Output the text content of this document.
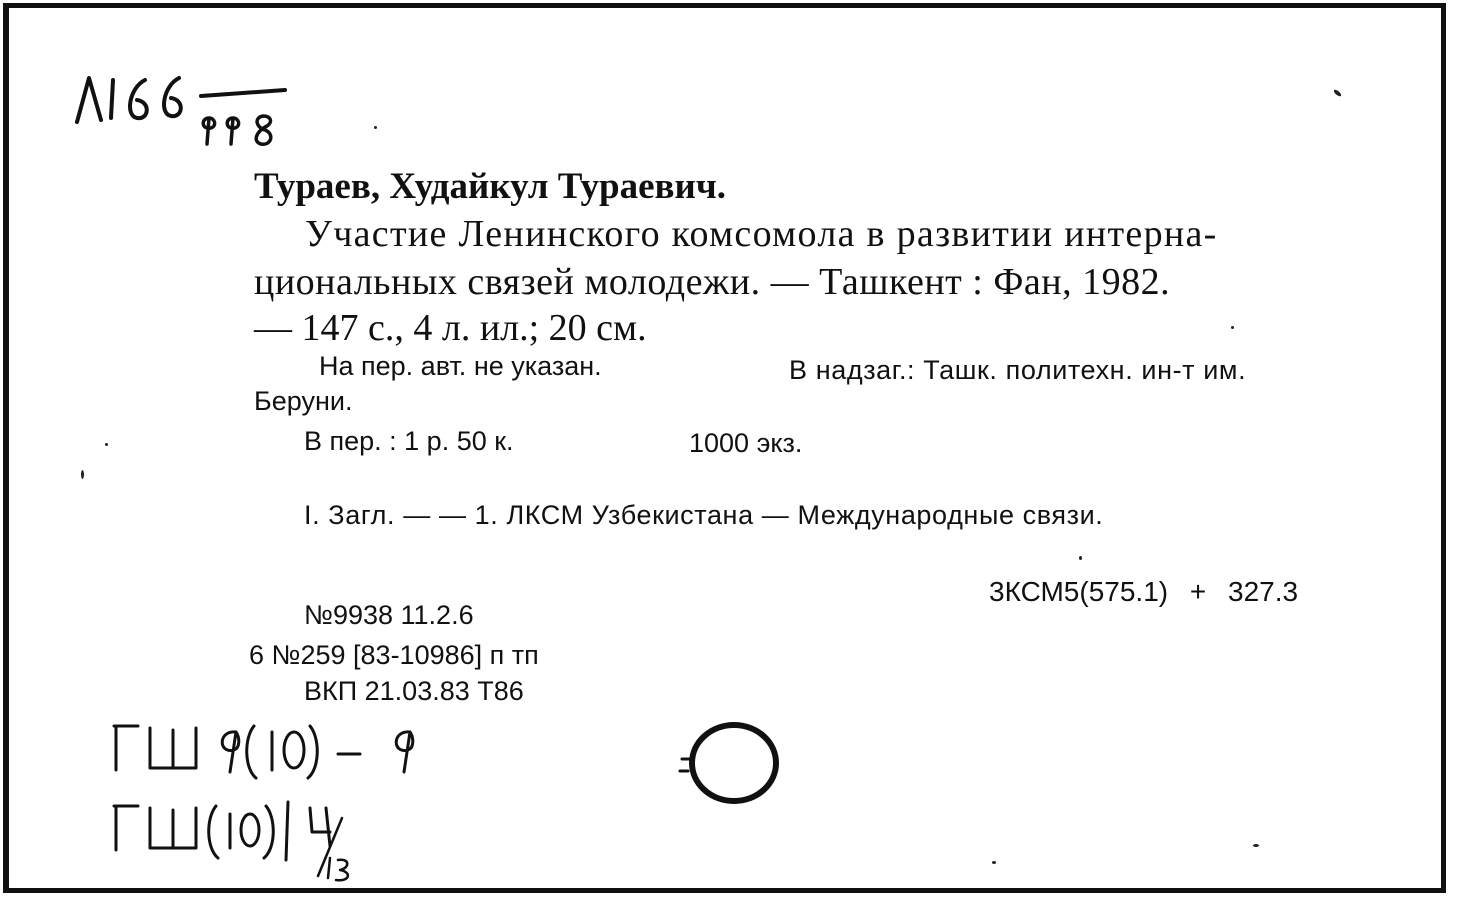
Тураев, Худайкул Тураевич.
Участие Ленинского комсомола в развитии интерна-
циональных связей молодежи. — Ташкент : Фан, 1982.
— 147 с., 4 л. ил.; 20 см.
На пер. авт. не указан.	В надзаг.: Ташк. политехн. ин-т им.
Беруни.
В пер. : 1 р. 50 к.	1000 экз.
I. Загл. — — 1. ЛКСМ Узбекистана — Международные связи.
3КСМ5(575.1) + 327.3
№9938 11.2.6
6 №259 [83-10986] п тп
ВКП 21.03.83 Т86
